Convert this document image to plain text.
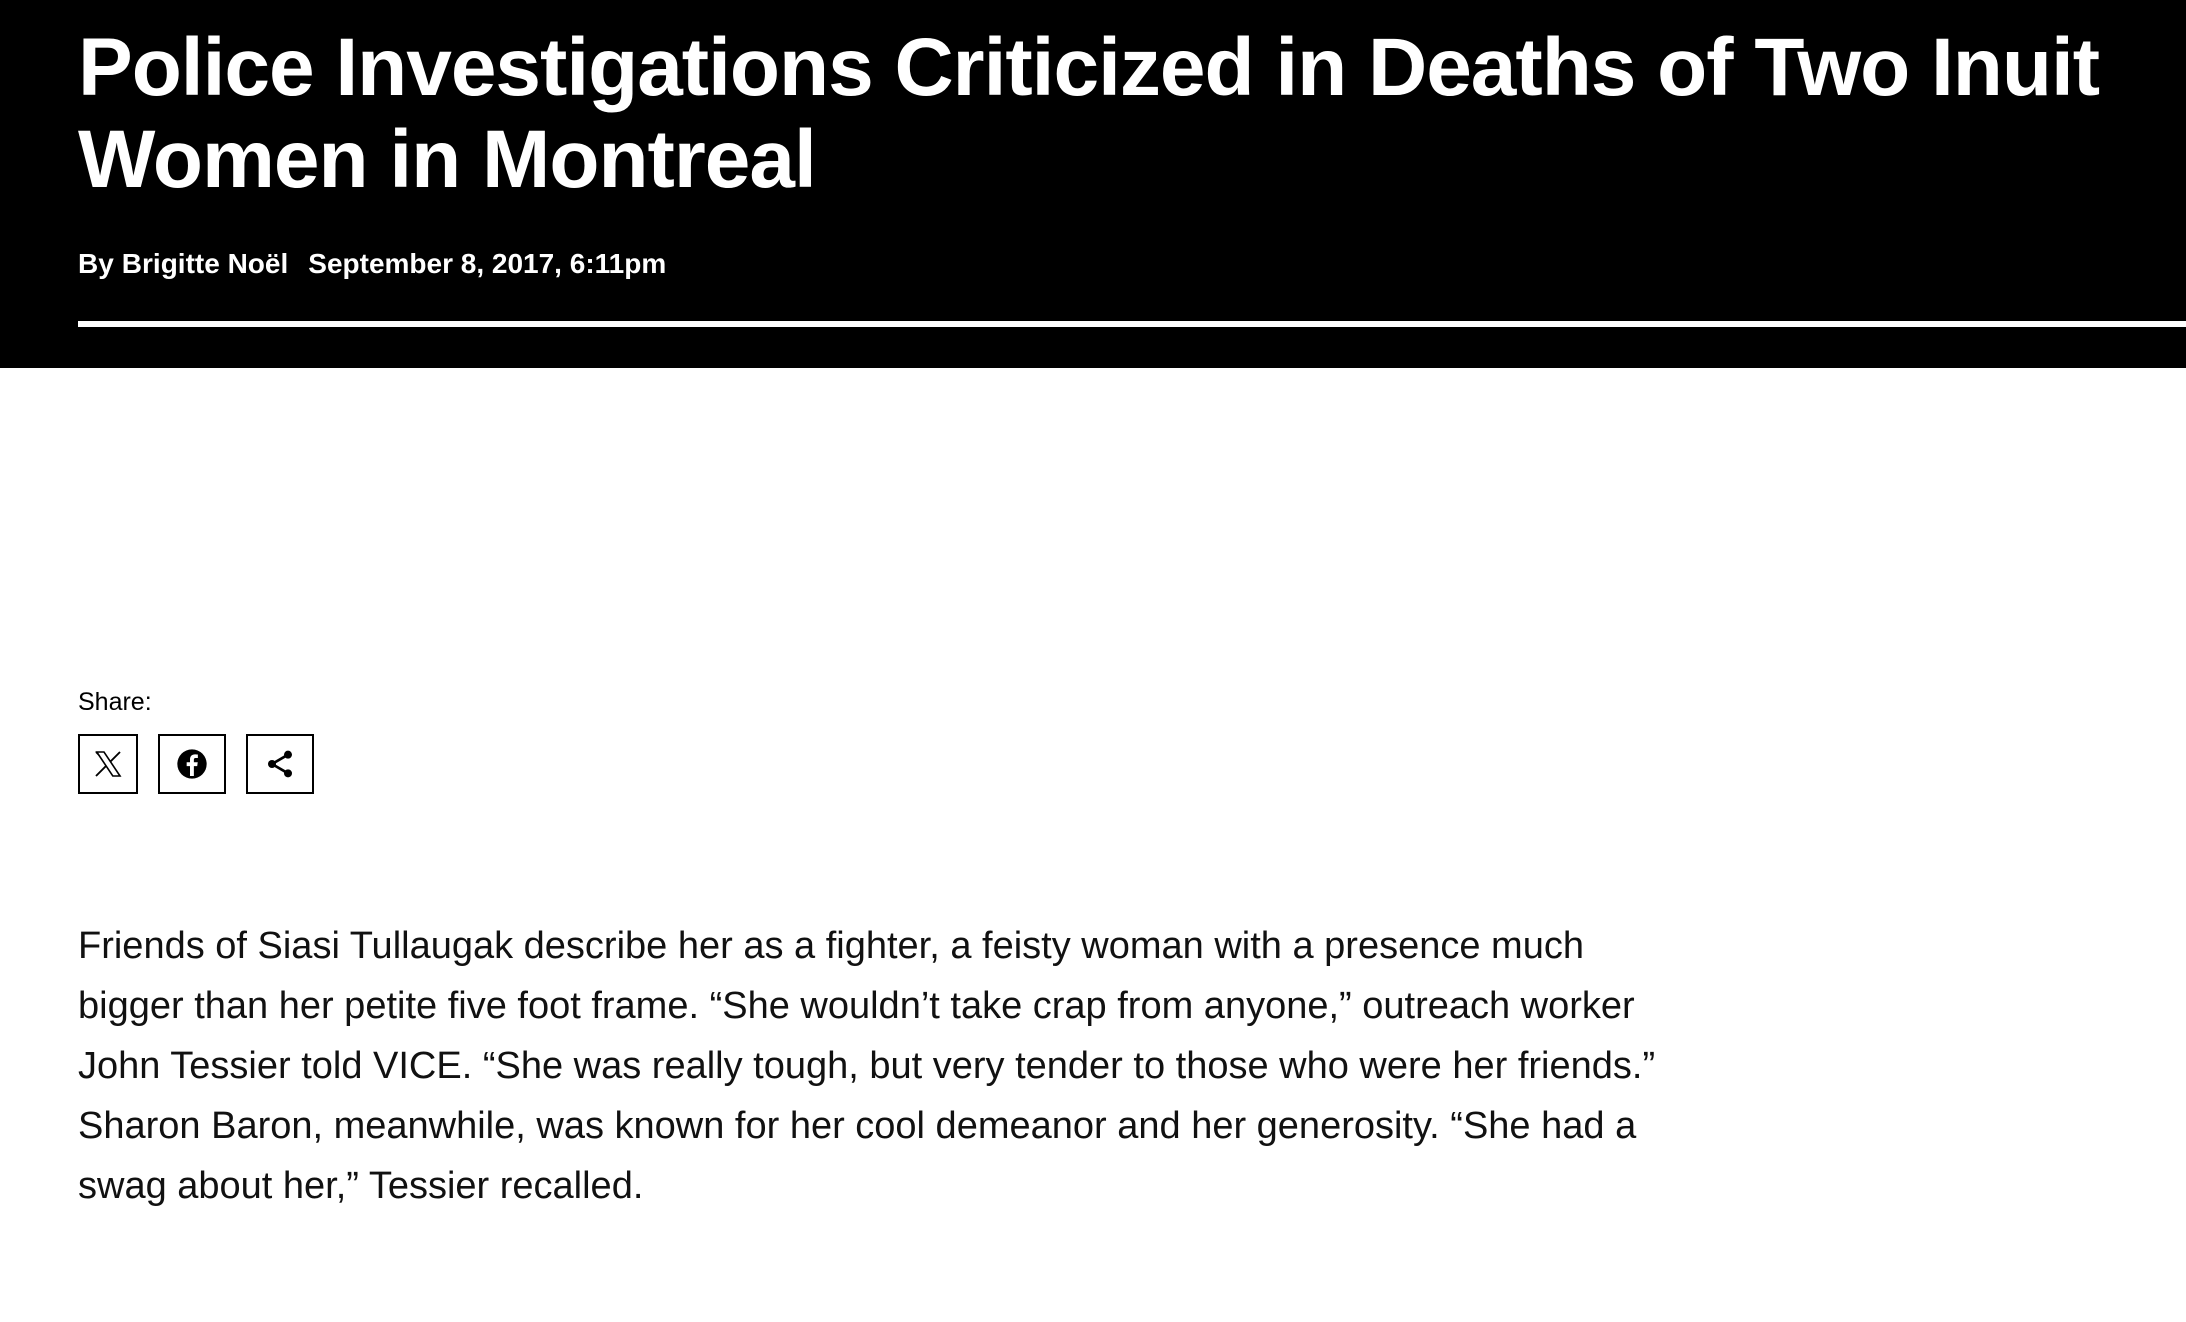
Police Investigations Criticized in Deaths of Two Inuit Women in Montreal
By Brigitte Noël September 8, 2017, 6:11pm
Share:

Friends of Siasi Tullaugak describe her as a fighter, a feisty woman with a presence much bigger than her petite five foot frame. “She wouldn’t take crap from anyone,” outreach worker John Tessier told VICE. “She was really tough, but very tender to those who were her friends.” Sharon Baron, meanwhile, was known for her cool demeanor and her generosity. “She had a swag about her,” Tessier recalled.
